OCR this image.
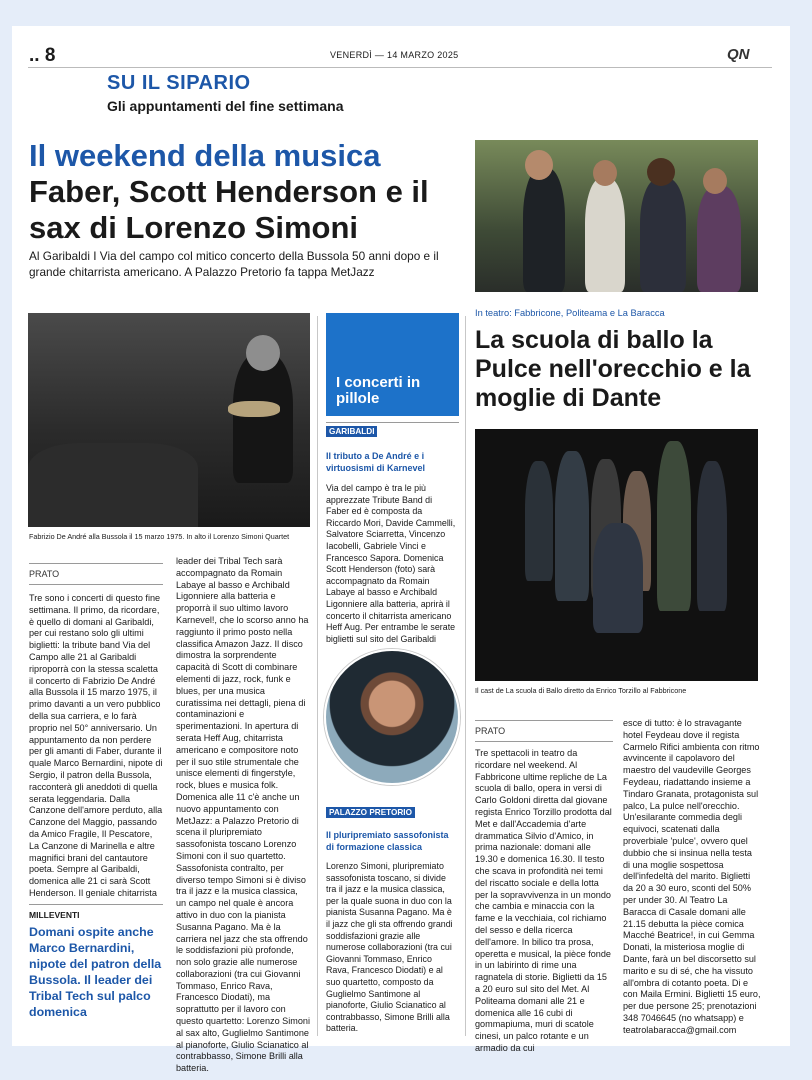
.. 8	VENERDÌ — 14 MARZO 2025	QN
SU IL SIPARIO
Gli appuntamenti del fine settimana
Il weekend della musica
Faber, Scott Henderson e il sax di Lorenzo Simoni
Al Garibaldi I Via del campo col mitico concerto della Bussola 50 anni dopo e il grande chitarrista americano. A Palazzo Pretorio fa tappa MetJazz
Fabrizio De André alla Bussola il 15 marzo 1975. In alto il Lorenzo Simoni Quartet
PRATO
Tre sono i concerti di questo fine settimana. Il primo, da ricordare, è quello di domani al Garibaldi, per cui restano solo gli ultimi biglietti: la tribute band Via del Campo alle 21 al Garibaldi riproporrà con la stessa scaletta il concerto di Fabrizio De André alla Bussola il 15 marzo 1975, il primo davanti a un vero pubblico della sua carriera, e lo farà proprio nel 50° anniversario. Un appuntamento da non perdere per gli amanti di Faber, durante il quale Marco Bernardini, nipote di Sergio, il patron della Bussola, racconterà gli aneddoti di quella serata leggendaria. Dalla Canzone dell'amore perduto, alla Canzone del Maggio, passando da Amico Fragile, Il Pescatore, La Canzone di Marinella e altre magnifici brani del cantautore poeta. Sempre al Garibaldi, domenica alle 21 ci sarà Scott Henderson. Il geniale chitarrista
MILLEVENTI
Domani ospite anche Marco Bernardini, nipote del patron della Bussola. Il leader dei Tribal Tech sul palco domenica
leader dei Tribal Tech sarà accompagnato da Romain Labaye al basso e Archibald Ligonniere alla batteria e proporrà il suo ultimo lavoro Karnevel!, che lo scorso anno ha raggiunto il primo posto nella classifica Amazon Jazz. Il disco dimostra la sorprendente capacità di Scott di combinare elementi di jazz, rock, funk e blues, per una musica curatissima nei dettagli, piena di contaminazioni e sperimentazioni. In apertura di serata Heff Aug, chitarrista americano e compositore noto per il suo stile strumentale che unisce elementi di fingerstyle, rock, blues e musica folk. Domenica alle 11 c'è anche un nuovo appuntamento con MetJazz: a Palazzo Pretorio di scena il pluripremiato sassofonista toscano Lorenzo Simoni con il suo quartetto. Sassofonista contralto, per diverso tempo Simoni si è diviso tra il jazz e la musica classica, un campo nel quale è ancora attivo in duo con la pianista Susanna Pagano. Ma è la carriera nel jazz che sta offrendo le soddisfazioni più profonde, non solo grazie alle numerose collaborazioni (tra cui Giovanni Tommaso, Enrico Rava, Francesco Diodati), ma soprattutto per il lavoro con questo quartetto: Lorenzo Simoni al sax alto, Guglielmo Santimone al pianoforte, Giulio Scianatico al contrabbasso, Simone Brilli alla batteria.
I concerti in pillole
GARIBALDI
Il tributo a De André e i virtuosismi di Karnevel
Via del campo è tra le più apprezzate Tribute Band di Faber ed è composta da Riccardo Mori, Davide Cammelli, Salvatore Sciarretta, Vincenzo Iacobelli, Gabriele Vinci e Francesco Sapora. Domenica Scott Henderson (foto) sarà accompagnato da Romain Labaye al basso e Archibald Ligonniere alla batteria, aprirà il concerto il chitarrista americano Heff Aug. Per entrambe le serate biglietti sul sito del Garibaldi
PALAZZO PRETORIO
Il pluripremiato sassofonista di formazione classica
Lorenzo Simoni, pluripremiato sassofonista toscano, si divide tra il jazz e la musica classica, per la quale suona in duo con la pianista Susanna Pagano. Ma è il jazz che gli sta offrendo grandi soddisfazioni grazie alle numerose collaborazioni (tra cui Giovanni Tommaso, Enrico Rava, Francesco Diodati) e al suo quartetto, composto da Guglielmo Santimone al pianoforte, Giulio Scianatico al contrabbasso, Simone Brilli alla batteria.
In teatro: Fabbricone, Politeama e La Baracca
La scuola di ballo la Pulce nell'orecchio e la moglie di Dante
Il cast de La scuola di Ballo diretto da Enrico Torzillo al Fabbricone
PRATO
Tre spettacoli in teatro da ricordare nel weekend. Al Fabbricone ultime repliche de La scuola di ballo, opera in versi di Carlo Goldoni diretta dal giovane regista Enrico Torzillo prodotta dal Met e dall'Accademia d'arte drammatica Silvio d'Amico, in prima nazionale: domani alle 19.30 e domenica 16.30. Il testo che scava in profondità nei temi del riscatto sociale e della lotta per la sopravvivenza in un mondo che cambia e minaccia con la fame e la vecchiaia, col richiamo del sesso e della ricerca dell'amore. In bilico tra prosa, operetta e musical, la pièce fonde in un labirinto di rime una ragnatela di storie. Biglietti da 15 a 20 euro sul sito del Met. Al Politeama domani alle 21 e domenica alle 16 cubi di gommapiuma, muri di scatole cinesi, un palco rotante e un armadio da cui
esce di tutto: è lo stravagante hotel Feydeau dove il regista Carmelo Rifici ambienta con ritmo avvincente il capolavoro del maestro del vaudeville Georges Feydeau, riadattando insieme a Tindaro Granata, protagonista sul palco, La pulce nell'orecchio. Un'esilarante commedia degli equivoci, scatenati dalla proverbiale 'pulce', ovvero quel dubbio che si insinua nella testa di una moglie sospettosa dell'infedeltà del marito. Biglietti da 20 a 30 euro, sconti del 50% per under 30. Al Teatro La Baracca di Casale domani alle 21.15 debutta la pièce comica Macché Beatrice!, in cui Gemma Donati, la misteriosa moglie di Dante, farà un bel discorsetto sul marito e su di sé, che ha vissuto all'ombra di cotanto poeta. Di e con Maila Ermini. Biglietti 15 euro, per due persone 25; prenotazioni 348 7046645 (no whatsapp) e teatrolabaracca@gmail.com
